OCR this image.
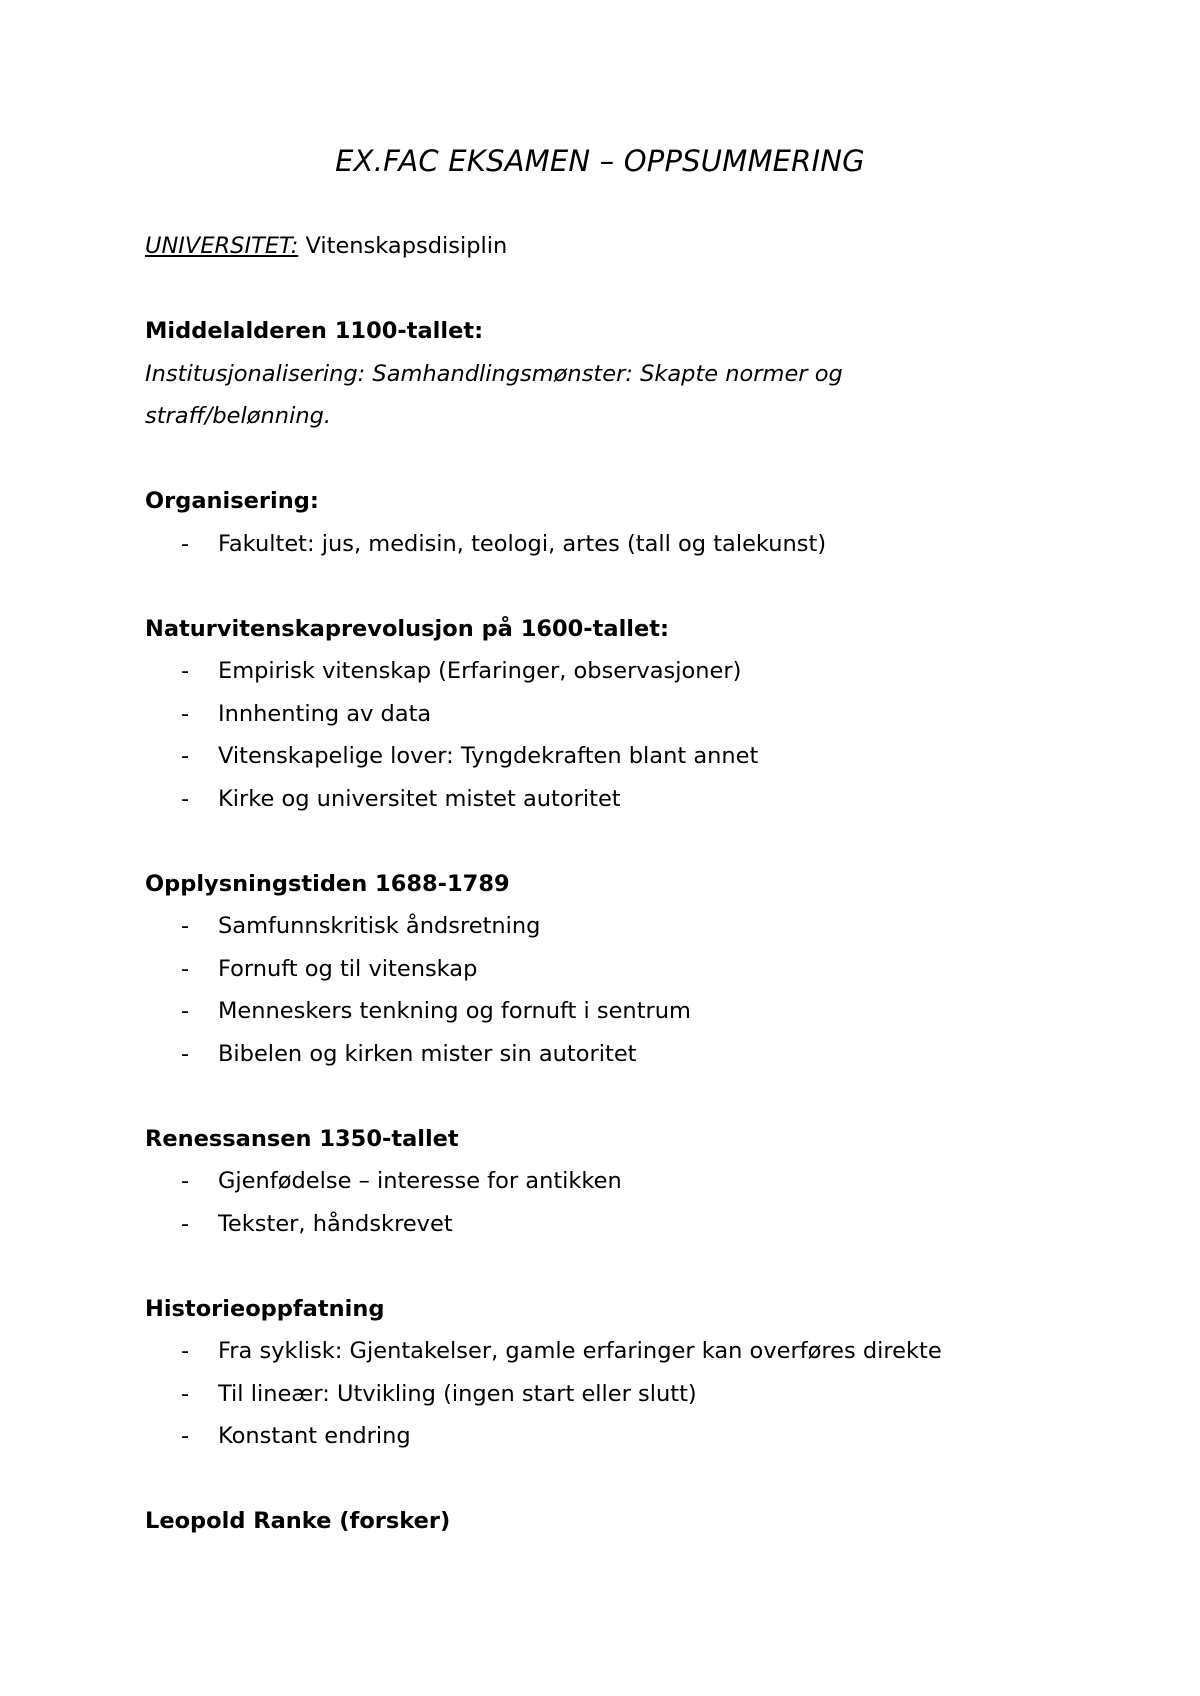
EX.FAC EKSAMEN – OPPSUMMERING
UNIVERSITET: Vitenskapsdisiplin
Middelalderen 1100-tallet:
Institusjonalisering: Samhandlingsmønster: Skapte normer og
straff/belønning.
Organisering:
- Fakultet: jus, medisin, teologi, artes (tall og talekunst)
Naturvitenskaprevolusjon på 1600-tallet:
- Empirisk vitenskap (Erfaringer, observasjoner)
- Innhenting av data
- Vitenskapelige lover: Tyngdekraften blant annet
- Kirke og universitet mistet autoritet
Opplysningstiden 1688-1789
- Samfunnskritisk åndsretning
- Fornuft og til vitenskap
- Menneskers tenkning og fornuft i sentrum
- Bibelen og kirken mister sin autoritet
Renessansen 1350-tallet
- Gjenfødelse – interesse for antikken
- Tekster, håndskrevet
Historieoppfatning
- Fra syklisk: Gjentakelser, gamle erfaringer kan overføres direkte
- Til lineær: Utvikling (ingen start eller slutt)
- Konstant endring
Leopold Ranke (forsker)
